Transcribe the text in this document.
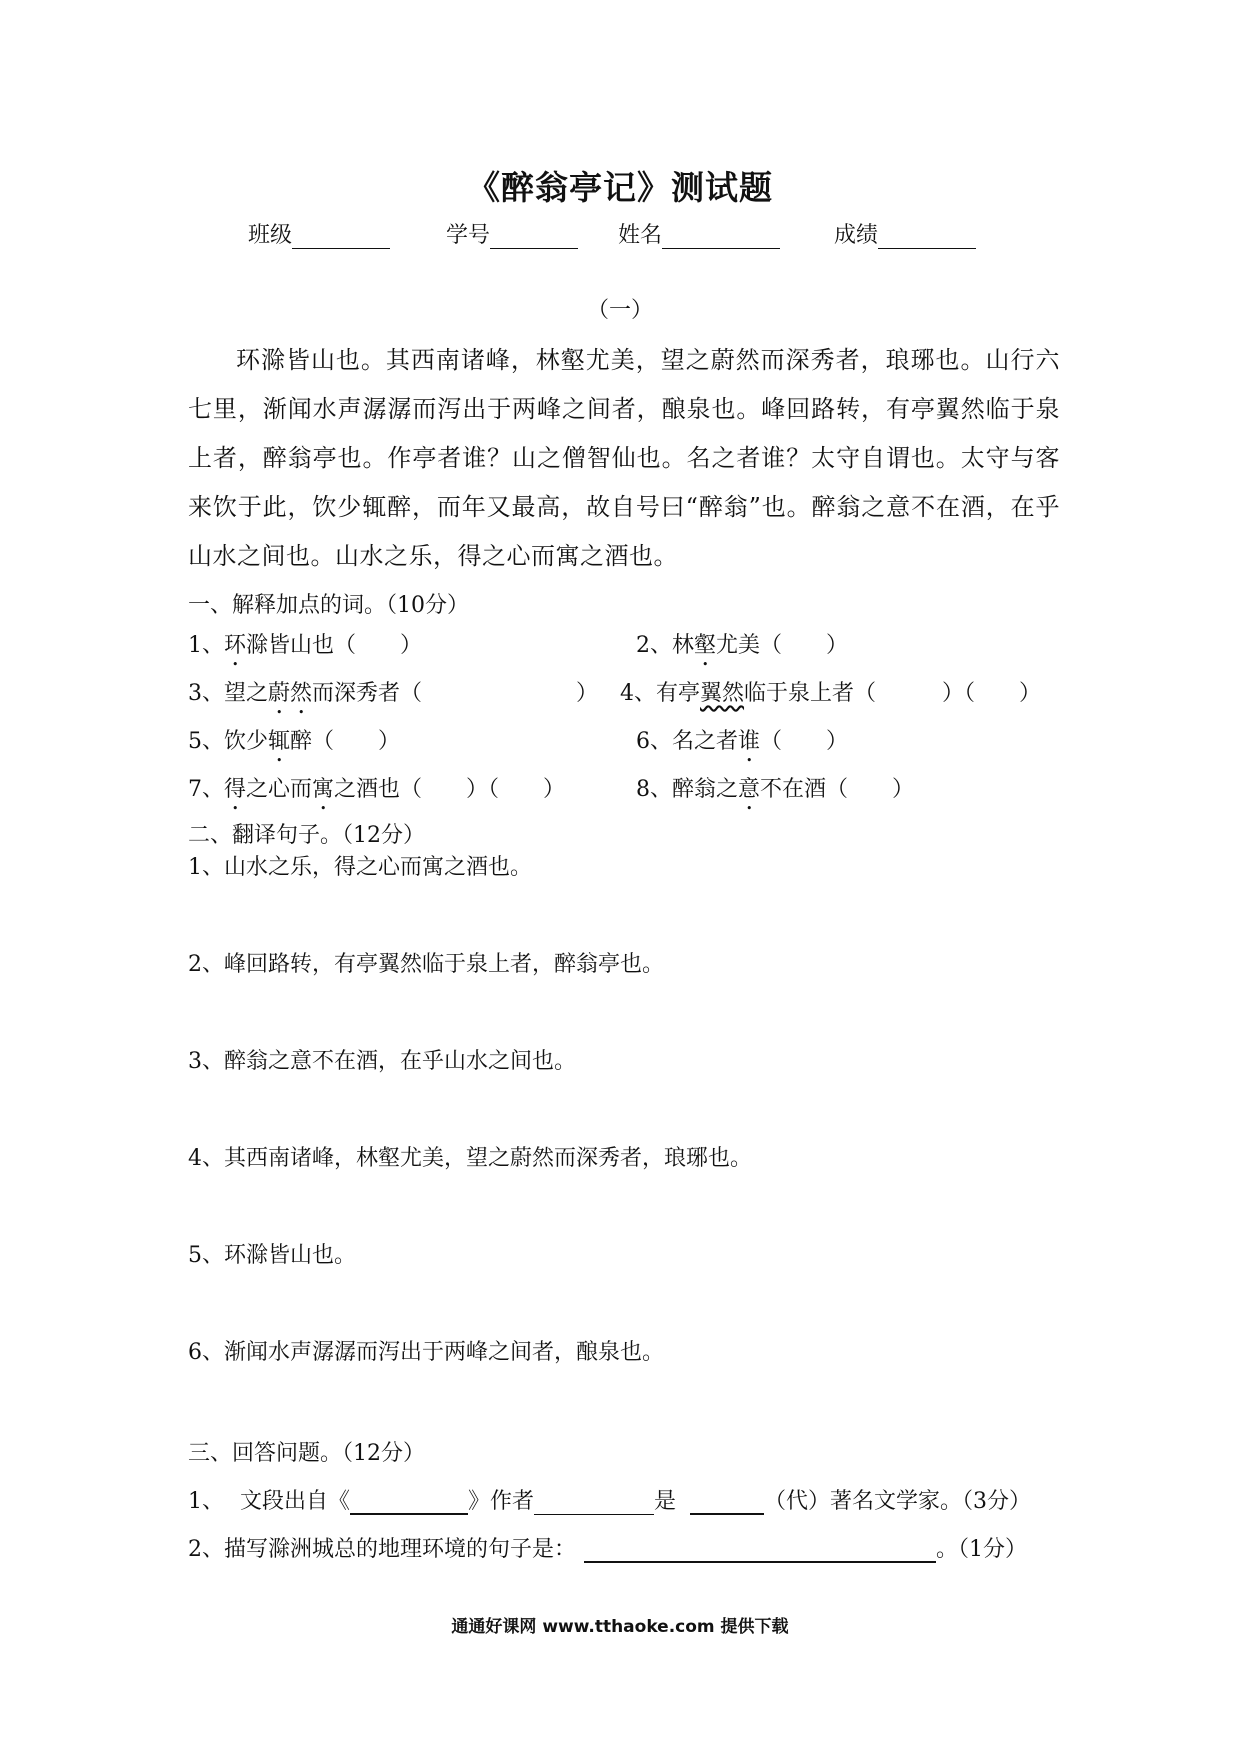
《醉翁亭记》测试题
班级	学号	姓名	成绩
（一）
环滁皆山也。其西南诸峰，林壑尤美，望之蔚然而深秀者，琅琊也。山行六七里，渐闻水声潺潺而泻出于两峰之间者，酿泉也。峰回路转，有亭翼然临于泉上者，醉翁亭也。作亭者谁？山之僧智仙也。名之者谁？太守自谓也。太守与客来饮于此，饮少辄醉，而年又最高，故自号曰“醉翁”也。醉翁之意不在酒，在乎山水之间也。山水之乐，得之心而寓之酒也。
一、解释加点的词。（10分）
1、环滁皆山也（　　）	2、林壑尤美（　　）
3、望之蔚然而深秀者（　　　　　　　） 4、有亭翼然临于泉上者（　　　）（　　）
5、饮少辄醉（　　）	6、名之者谁（　　）
7、得之心而寓之酒也（　　）（　　）	8、醉翁之意不在酒（　　）
二、翻译句子。（12分）
1、山水之乐，得之心而寓之酒也。
2、峰回路转，有亭翼然临于泉上者，醉翁亭也。
3、醉翁之意不在酒，在乎山水之间也。
4、其西南诸峰，林壑尤美，望之蔚然而深秀者，琅琊也。
5、环滁皆山也。
6、渐闻水声潺潺而泻出于两峰之间者，酿泉也。
三、回答问题。（12分）
1、 文段出自《	》作者	是	（代）著名文学家。（3分）
2、描写滁洲城总的地理环境的句子是：	。（1分）
通通好课网 www.tthaoke.com 提供下载
